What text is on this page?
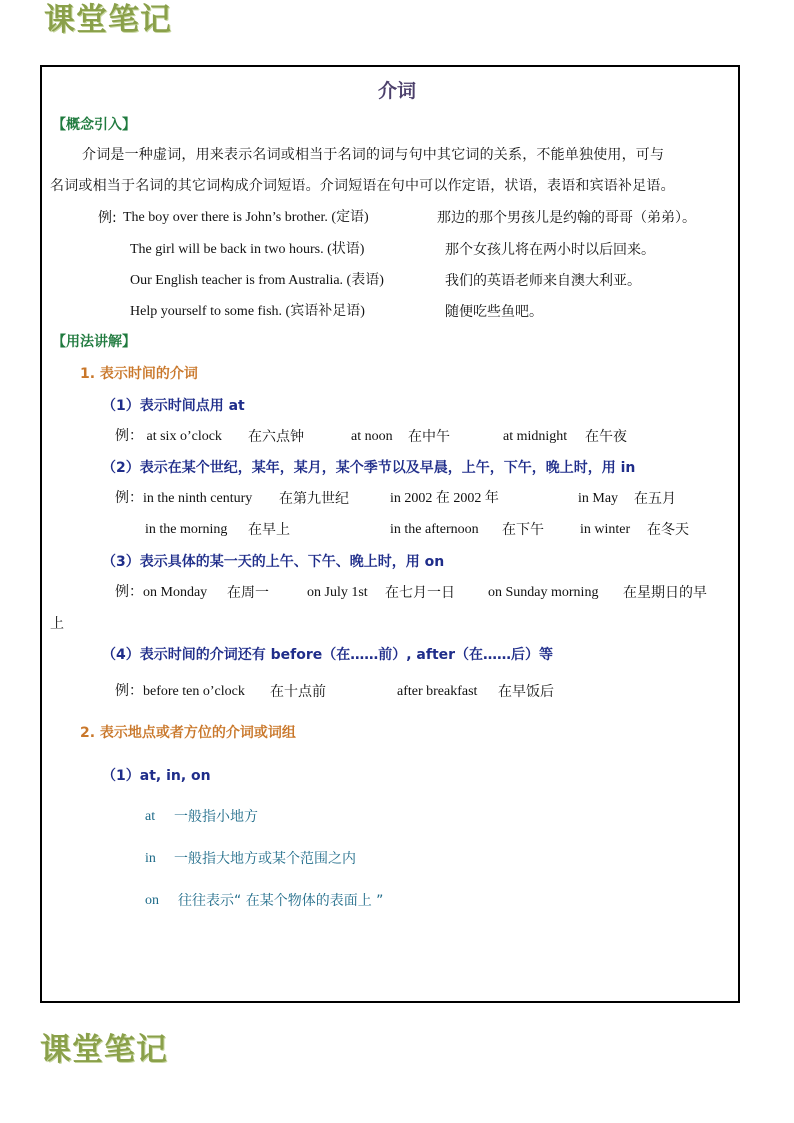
课堂笔记
介词
【概念引入】
介词是一种虚词，用来表示名词或相当于名词的词与句中其它词的关系，不能单独使用，可与
名词或相当于名词的其它词构成介词短语。介词短语在句中可以作定语，状语，表语和宾语补足语。
例: The boy over there is John’s brother. (定语)	那边的那个男孩儿是约翰的哥哥（弟弟）。
The girl will be back in two hours. (状语)	那个女孩儿将在两小时以后回来。
Our English teacher is from Australia. (表语)	我们的英语老师来自澳大利亚。
Help yourself to some fish. (宾语补足语)	随便吃些鱼吧。
【用法讲解】
1. 表示时间的介词
（1）表示时间点用 at
例： at six o’clock 在六点钟	at noon 在中午	at midnight 在午夜
（2）表示在某个世纪，某年，某月，某个季节以及早晨，上午，下午，晚上时，用 in
例：in the ninth century 在第九世纪	in 2002 在 2002 年	in May 在五月
in the morning 在早上	in the afternoon 在下午	in winter 在冬天
（3）表示具体的某一天的上午、下午、晚上时，用 on
例：on Monday 在周一	on July 1st 在七月一日 on Sunday morning 在星期日的早
上
（4）表示时间的介词还有 before（在……前）, after（在……后）等
例：before ten o’clock 在十点前	after breakfast 在早饭后
2. 表示地点或者方位的介词或词组
（1）at, in, on
at 一般指小地方
in 一般指大地方或某个范围之内
on 往往表示“ 在某个物体的表面上 ”
课堂笔记
